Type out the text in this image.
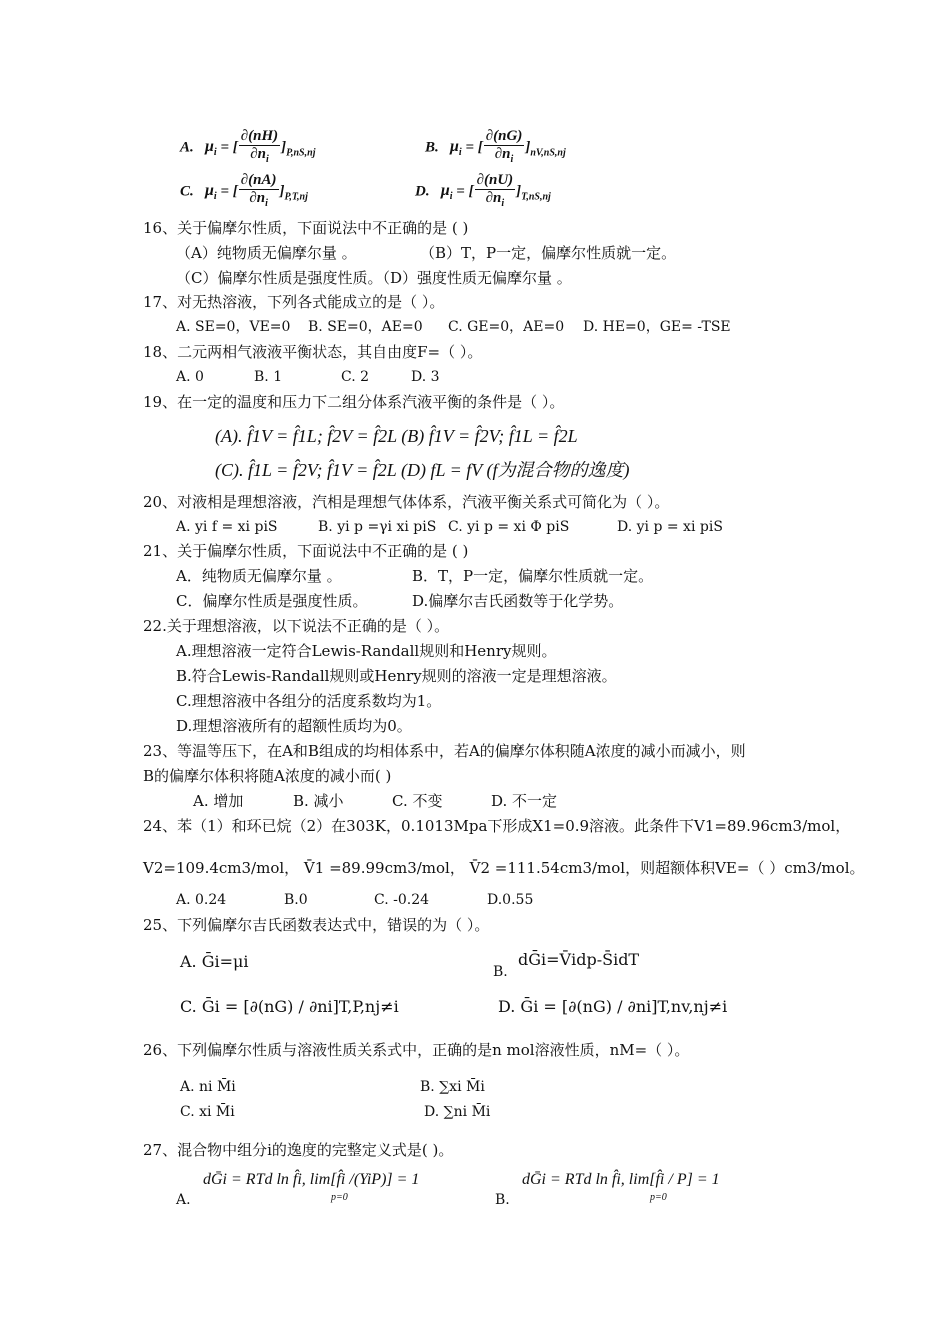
A. $\mu_i$ = [ $\frac{\partial(nH)}{\partial n_i} ]_{P,nS,nj}$	B. $\mu_i$ = [ $\frac{\partial(nG)}{\partial n_i} ]_{nV,nS,nj}$
C. $\mu_i$ = [ $\frac{\partial(nA)}{\partial n_i} ]_{P,T,nj}$	D. $\mu_i$ = [ $\frac{\partial(nU)}{\partial n_i} ]_{T,nS,nj}$
16、关于偏摩尔性质，下面说法中不正确的是 ( )
（A）纯物质无偏摩尔量 。	（B）T，P一定，偏摩尔性质就一定。
（C）偏摩尔性质是强度性质。（D）强度性质无偏摩尔量 。
17、对无热溶液，下列各式能成立的是（ ）。
A. SE=0，VE=0 B. SE=0，AE=0 C. GE=0，AE=0 D. HE=0，GE= -TSE
18、二元两相气液液平衡状态，其自由度F=（ ）。
A. 0	B. 1	C. 2	D. 3
19、在一定的温度和压力下二组分体系汽液平衡的条件是（ ）。
(A). f̂1V = f̂1L; f̂2V = f̂2L (B) f̂1V = f̂2V; f̂1L = f̂2L
(C). f̂1L = f̂2V; f̂1V = f̂2L (D) fL = fV (f为混合物的逸度)
20、对液相是理想溶液，汽相是理想气体体系，汽液平衡关系式可简化为（ ）。
A. yi f = xi piS	B. yi p =γi xi piS C. yi p = xi Φ piS	D. yi p = xi piS
21、关于偏摩尔性质，下面说法中不正确的是 ( )
A．纯物质无偏摩尔量 。	B．T，P一定，偏摩尔性质就一定。
C．偏摩尔性质是强度性质。	D.偏摩尔吉氏函数等于化学势。
22.关于理想溶液，以下说法不正确的是（ ）。
A.理想溶液一定符合Lewis-Randall规则和Henry规则。
B.符合Lewis-Randall规则或Henry规则的溶液一定是理想溶液。
C.理想溶液中各组分的活度系数均为1。
D.理想溶液所有的超额性质均为0。
23、等温等压下，在A和B组成的均相体系中，若A的偏摩尔体积随A浓度的减小而减小，则
B的偏摩尔体积将随A浓度的减小而( )
A. 增加	B. 减小	C. 不变	D. 不一定
24、苯（1）和环已烷（2）在303K，0.1013Mpa下形成X1=0.9溶液。此条件下V1=89.96cm3/mol，
V2=109.4cm3/mol， V̄1 =89.99cm3/mol， V̄2 =111.54cm3/mol，则超额体积VE=（ ）cm3/mol。
A. 0.24	B.0	C. -0.24	D.0.55
25、下列偏摩尔吉氏函数表达式中，错误的为（ ）。
A. Ḡi=μi
B.
dḠi=V̄idp-S̄idT
C. Ḡi = [∂(nG) / ∂ni]T,P,nj≠i	D. Ḡi = [∂(nG) / ∂ni]T,nv,nj≠i
26、下列偏摩尔性质与溶液性质关系式中，正确的是n mol溶液性质，nM=（ ）。
A. ni M̄i	B. ∑xi M̄i
C. xi M̄i	D. ∑ni M̄i
27、混合物中组分i的逸度的完整定义式是( )。
A.
dḠi = RTd ln f̂i, lim[f̂i /(YiP)] = 1
p=0	B.
dḠi = RTd ln f̂i, lim[f̂i / P] = 1
p=0
